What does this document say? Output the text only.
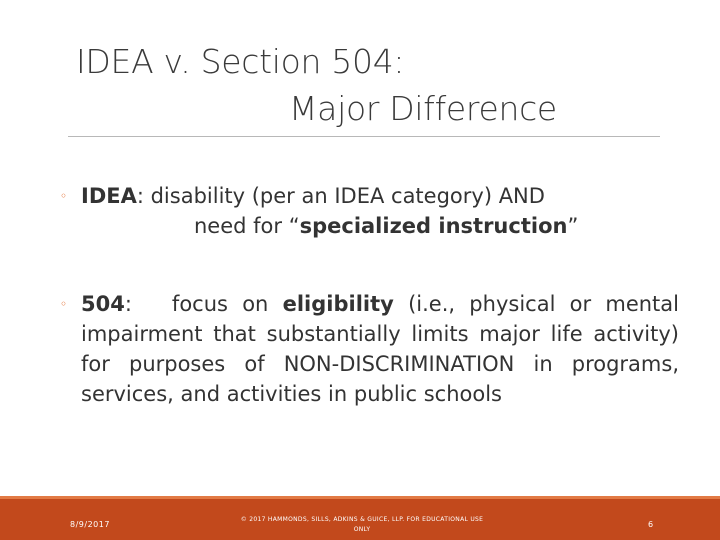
IDEA v. Section 504:
Major Difference
◦ IDEA: disability (per an IDEA category) AND
need for “specialized instruction”
◦ 504: focus on eligibility (i.e., physical or mental impairment that substantially limits major life activity) for purposes of NON-DISCRIMINATION in programs, services, and activities in public schools
8/9/2017
© 2017 HAMMONDS, SILLS, ADKINS & GUICE, LLP. FOR EDUCATIONAL USE
ONLY
6
